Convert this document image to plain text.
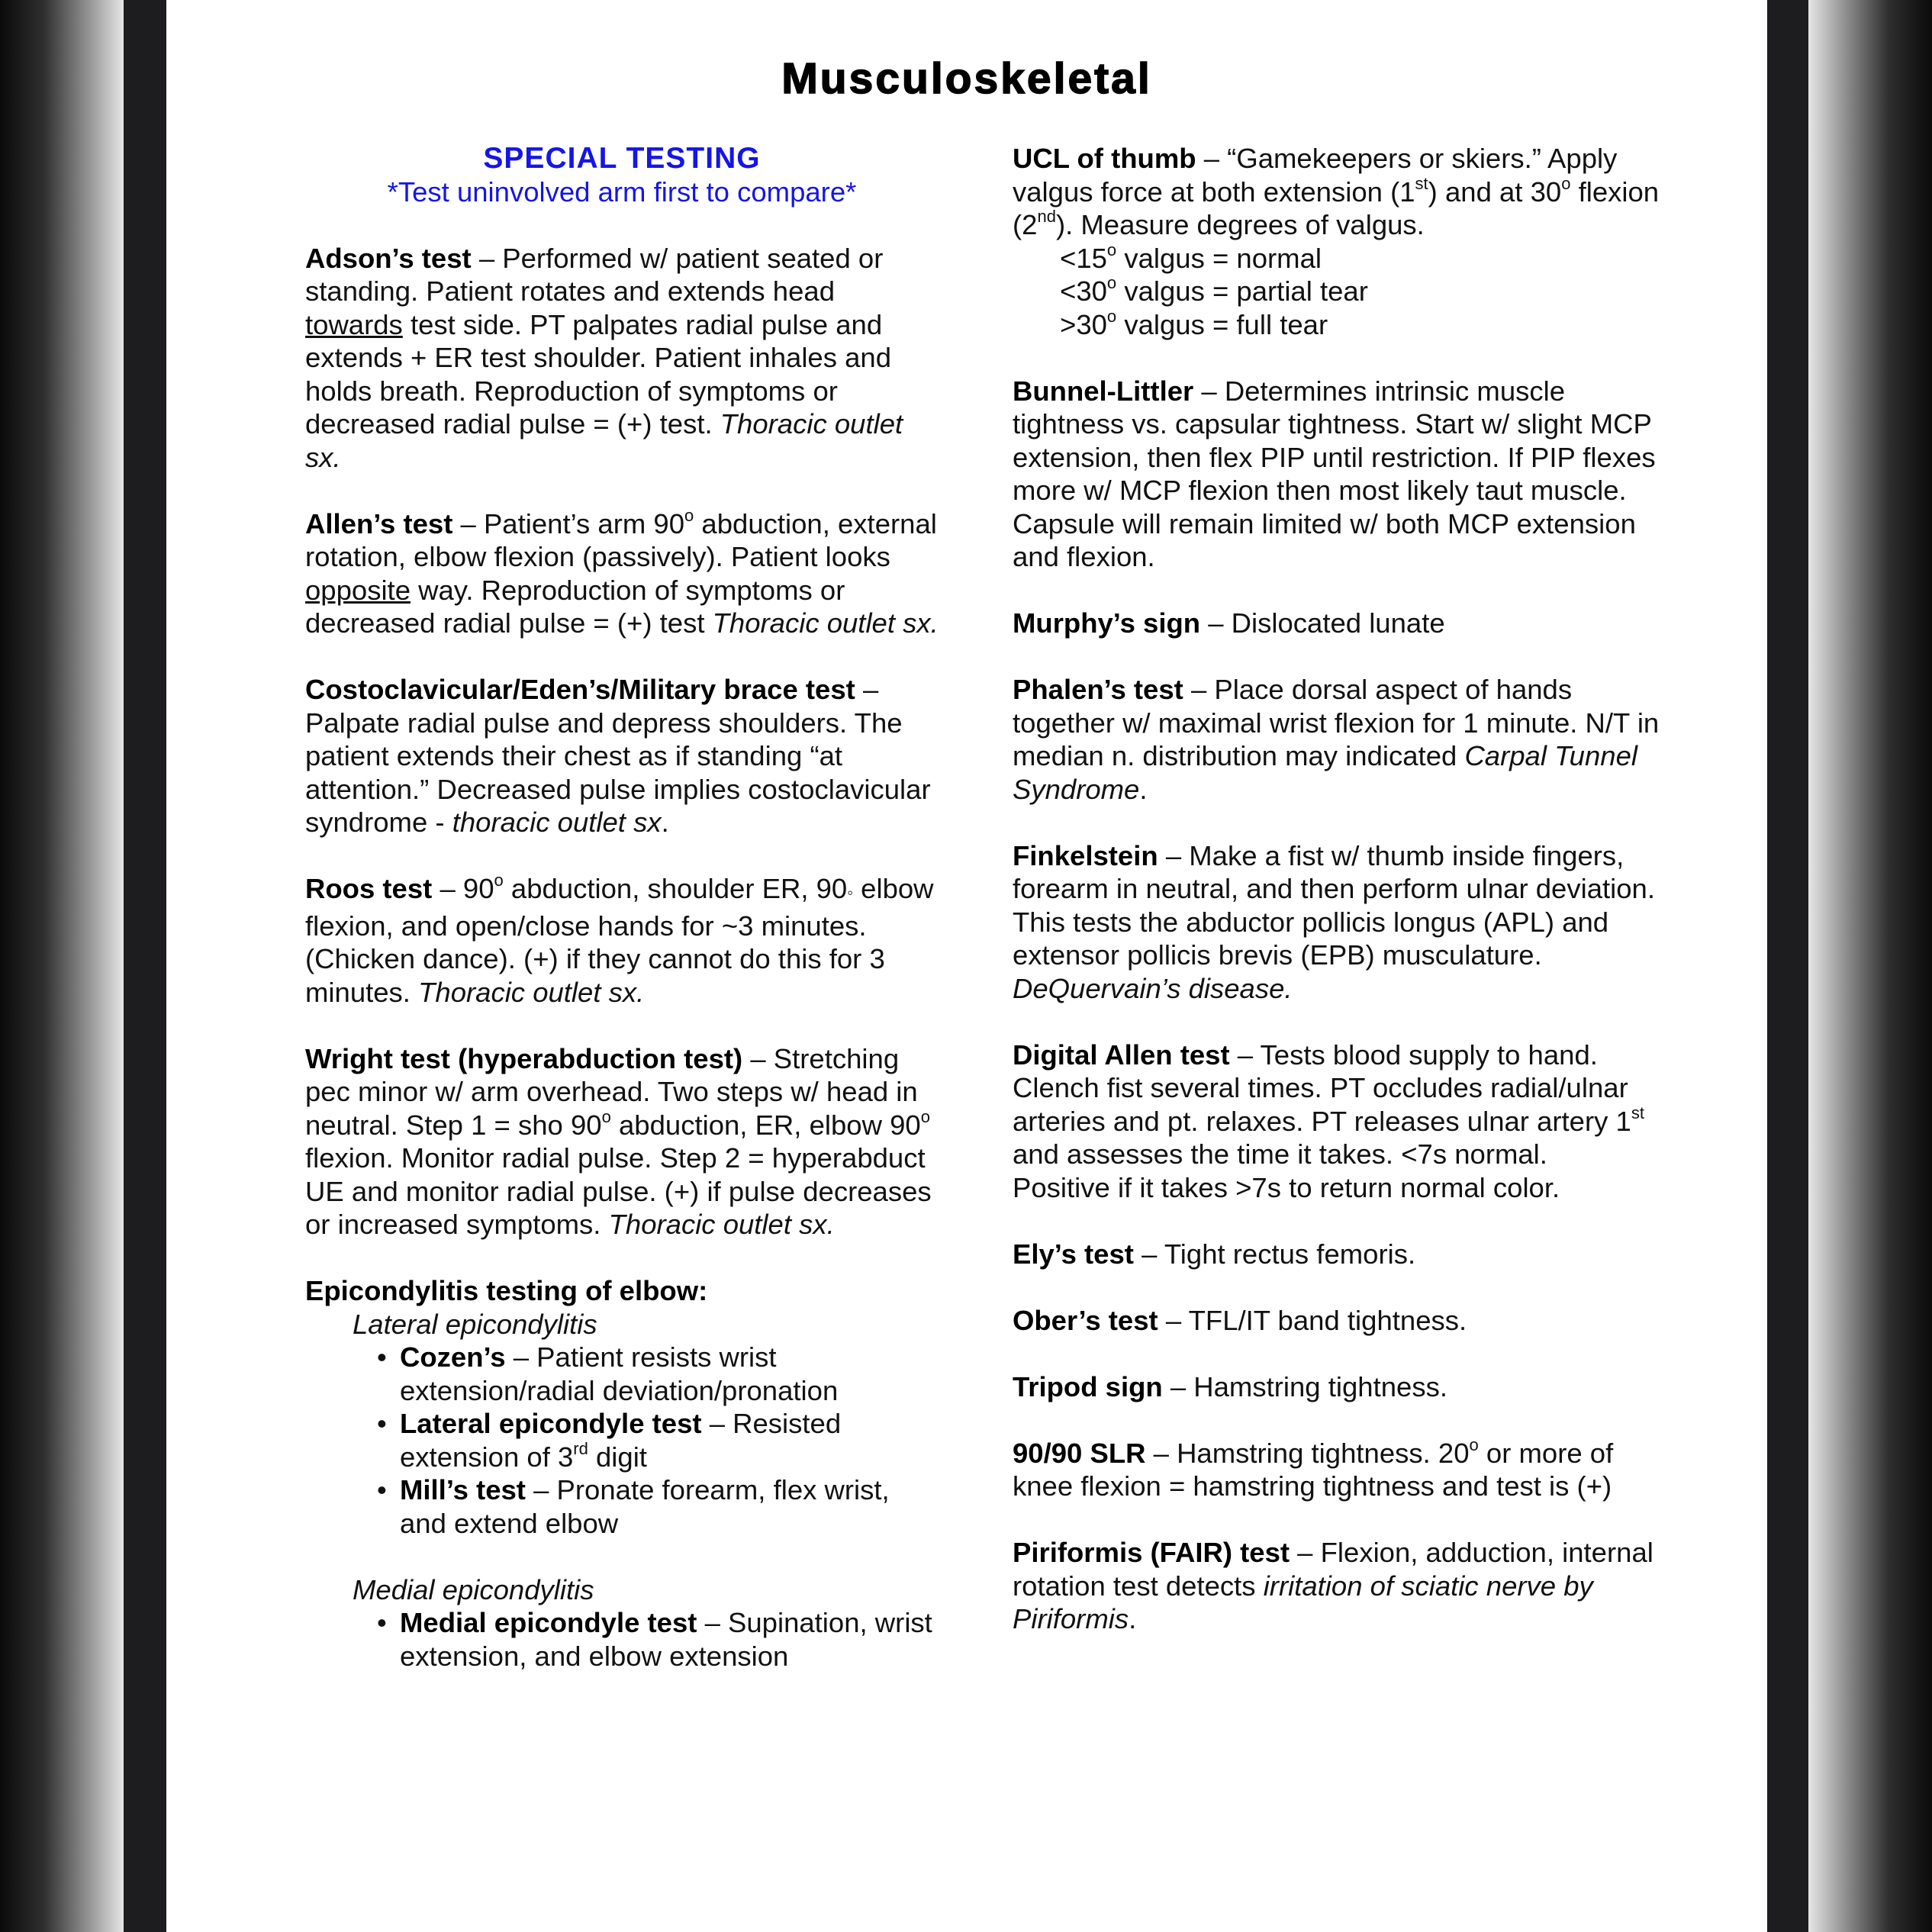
Musculoskeletal
SPECIAL TESTING
*Test uninvolved arm first to compare*

Adson’s test – Performed w/ patient seated or standing. Patient rotates and extends head towards test side. PT palpates radial pulse and extends + ER test shoulder. Patient inhales and holds breath. Reproduction of symptoms or decreased radial pulse = (+) test. Thoracic outlet sx.

Allen’s test – Patient’s arm 90$^o$ abduction, external rotation, elbow flexion (passively). Patient looks opposite way. Reproduction of symptoms or decreased radial pulse = (+) test Thoracic outlet sx.

Costoclavicular/Eden’s/Military brace test – Palpate radial pulse and depress shoulders. The patient extends their chest as if standing “at attention.” Decreased pulse implies costoclavicular syndrome - thoracic outlet sx.

Roos test – 90$^o$ abduction, shoulder ER, 90◦ elbow flexion, and open/close hands for ~3 minutes. (Chicken dance). (+) if they cannot do this for 3 minutes. Thoracic outlet sx.

Wright test (hyperabduction test) – Stretching pec minor w/ arm overhead. Two steps w/ head in neutral. Step 1 = sho 90$^o$ abduction, ER, elbow 90$^o$ flexion. Monitor radial pulse. Step 2 = hyperabduct UE and monitor radial pulse. (+) if pulse decreases or increased symptoms. Thoracic outlet sx.

Epicondylitis testing of elbow:
Lateral epicondylitis
• Cozen’s – Patient resists wrist extension/radial deviation/pronation
• Lateral epicondyle test – Resisted extension of 3rd digit
• Mill’s test – Pronate forearm, flex wrist, and extend elbow
Medial epicondylitis
• Medial epicondyle test – Supination, wrist extension, and elbow extension
UCL of thumb – “Gamekeepers or skiers.” Apply valgus force at both extension (1st) and at 30$^o$ flexion (2nd). Measure degrees of valgus.
$<15^o$ valgus = normal
$<30^o$ valgus = partial tear
$>30^o$ valgus = full tear

Bunnel-Littler – Determines intrinsic muscle tightness vs. capsular tightness. Start w/ slight MCP extension, then flex PIP until restriction. If PIP flexes more w/ MCP flexion then most likely taut muscle. Capsule will remain limited w/ both MCP extension and flexion.

Murphy’s sign – Dislocated lunate

Phalen’s test – Place dorsal aspect of hands together w/ maximal wrist flexion for 1 minute. N/T in median n. distribution may indicated Carpal Tunnel Syndrome.

Finkelstein – Make a fist w/ thumb inside fingers, forearm in neutral, and then perform ulnar deviation. This tests the abductor pollicis longus (APL) and extensor pollicis brevis (EPB) musculature. DeQuervain’s disease.

Digital Allen test – Tests blood supply to hand. Clench fist several times. PT occludes radial/ulnar arteries and pt. relaxes. PT releases ulnar artery 1st and assesses the time it takes. <7s normal.
Positive if it takes >7s to return normal color.

Ely’s test – Tight rectus femoris.

Ober’s test – TFL/IT band tightness.

Tripod sign – Hamstring tightness.

90/90 SLR – Hamstring tightness. 20$^o$ or more of knee flexion = hamstring tightness and test is (+)

Piriformis (FAIR) test – Flexion, adduction, internal rotation test detects irritation of sciatic nerve by Piriformis.
